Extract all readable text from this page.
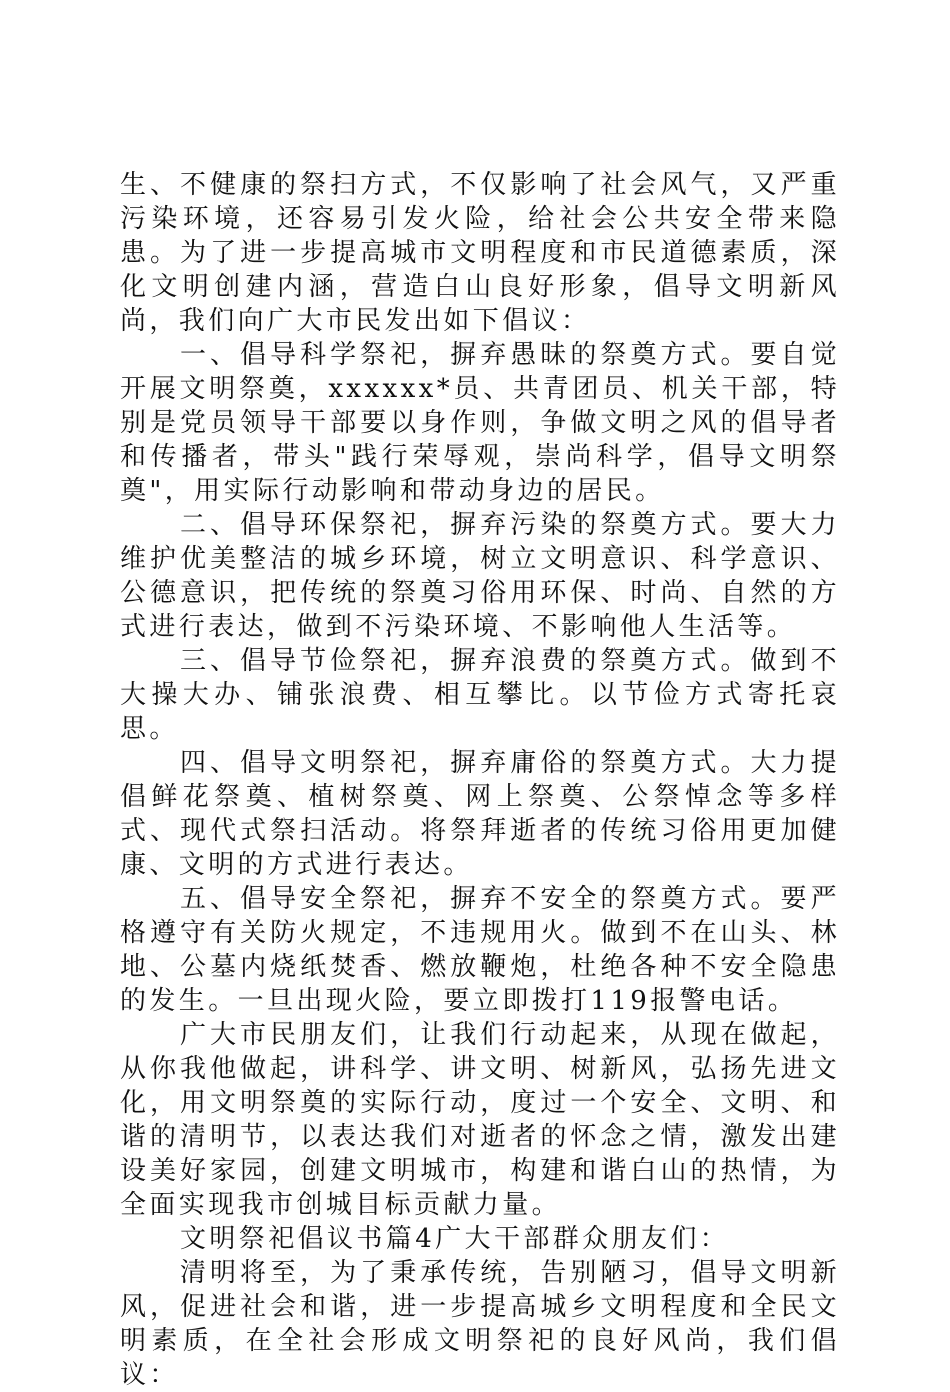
生、不健康的祭扫方式，不仅影响了社会风气，又严重污染环境，还容易引发火险，给社会公共安全带来隐患。为了进一步提高城市文明程度和市民道德素质，深化文明创建内涵，营造白山良好形象，倡导文明新风尚，我们向广大市民发出如下倡议：

一、倡导科学祭祀，摒弃愚昧的祭奠方式。要自觉开展文明祭奠，xxxxxx*员、共青团员、机关干部，特别是党员领导干部要以身作则，争做文明之风的倡导者和传播者，带头"践行荣辱观，崇尚科学，倡导文明祭奠"，用实际行动影响和带动身边的居民。

二、倡导环保祭祀，摒弃污染的祭奠方式。要大力维护优美整洁的城乡环境，树立文明意识、科学意识、公德意识，把传统的祭奠习俗用环保、时尚、自然的方式进行表达，做到不污染环境、不影响他人生活等。

三、倡导节俭祭祀，摒弃浪费的祭奠方式。做到不大操大办、铺张浪费、相互攀比。以节俭方式寄托哀思。

四、倡导文明祭祀，摒弃庸俗的祭奠方式。大力提倡鲜花祭奠、植树祭奠、网上祭奠、公祭悼念等多样式、现代式祭扫活动。将祭拜逝者的传统习俗用更加健康、文明的方式进行表达。

五、倡导安全祭祀，摒弃不安全的祭奠方式。要严格遵守有关防火规定，不违规用火。做到不在山头、林地、公墓内烧纸焚香、燃放鞭炮，杜绝各种不安全隐患的发生。一旦出现火险，要立即拨打119报警电话。

广大市民朋友们，让我们行动起来，从现在做起，从你我他做起，讲科学、讲文明、树新风，弘扬先进文化，用文明祭奠的实际行动，度过一个安全、文明、和谐的清明节，以表达我们对逝者的怀念之情，激发出建设美好家园，创建文明城市，构建和谐白山的热情，为全面实现我市创城目标贡献力量。

文明祭祀倡议书篇4广大干部群众朋友们：

清明将至，为了秉承传统，告别陋习，倡导文明新风，促进社会和谐，进一步提高城乡文明程度和全民文明素质，在全社会形成文明祭祀的良好风尚，我们倡议：
